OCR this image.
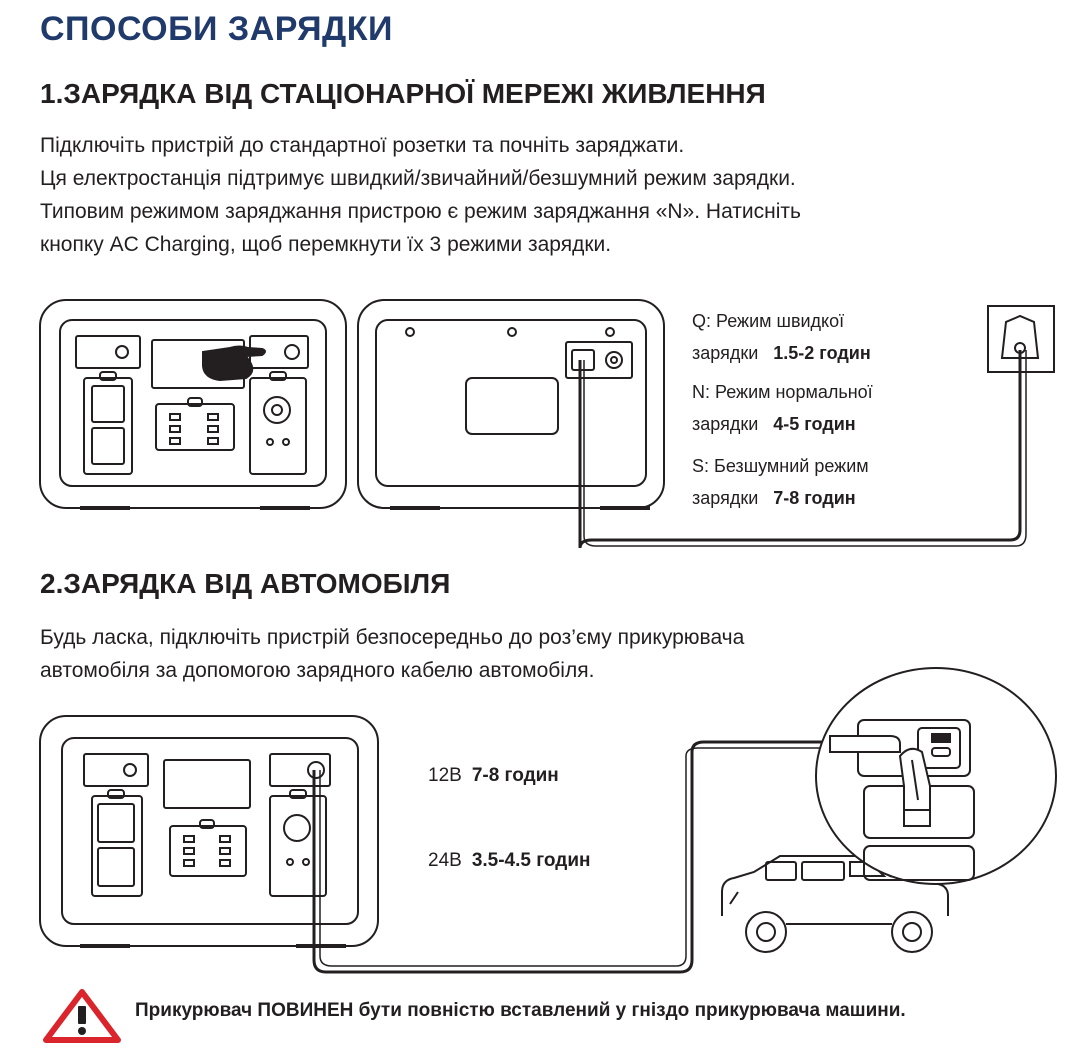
СПОСОБИ ЗАРЯДКИ
1.ЗАРЯДКА ВІД СТАЦІОНАРНОЇ МЕРЕЖІ ЖИВЛЕННЯ
Підключіть пристрій до стандартної розетки та почніть заряджати.
Ця електростанція підтримує швидкий/звичайний/безшумний режим зарядки.
Типовим режимом заряджання пристрою є режим заряджання «N». Натисніть
кнопку AC Charging, щоб перемкнути їх 3 режими зарядки.
Q: Режим швидкої
зарядки 1.5-2 годин
N: Режим нормальної
зарядки 4-5 годин
S: Безшумний режим
зарядки 7-8 годин
2.ЗАРЯДКА ВІД АВТОМОБІЛЯ
Будь ласка, підключіть пристрій безпосередньо до роз’єму прикурювача
автомобіля за допомогою зарядного кабелю автомобіля.
12В 7-8 годин
24В 3.5-4.5 годин
Прикурювач ПОВИНЕН бути повністю вставлений у гніздо прикурювача машини.
